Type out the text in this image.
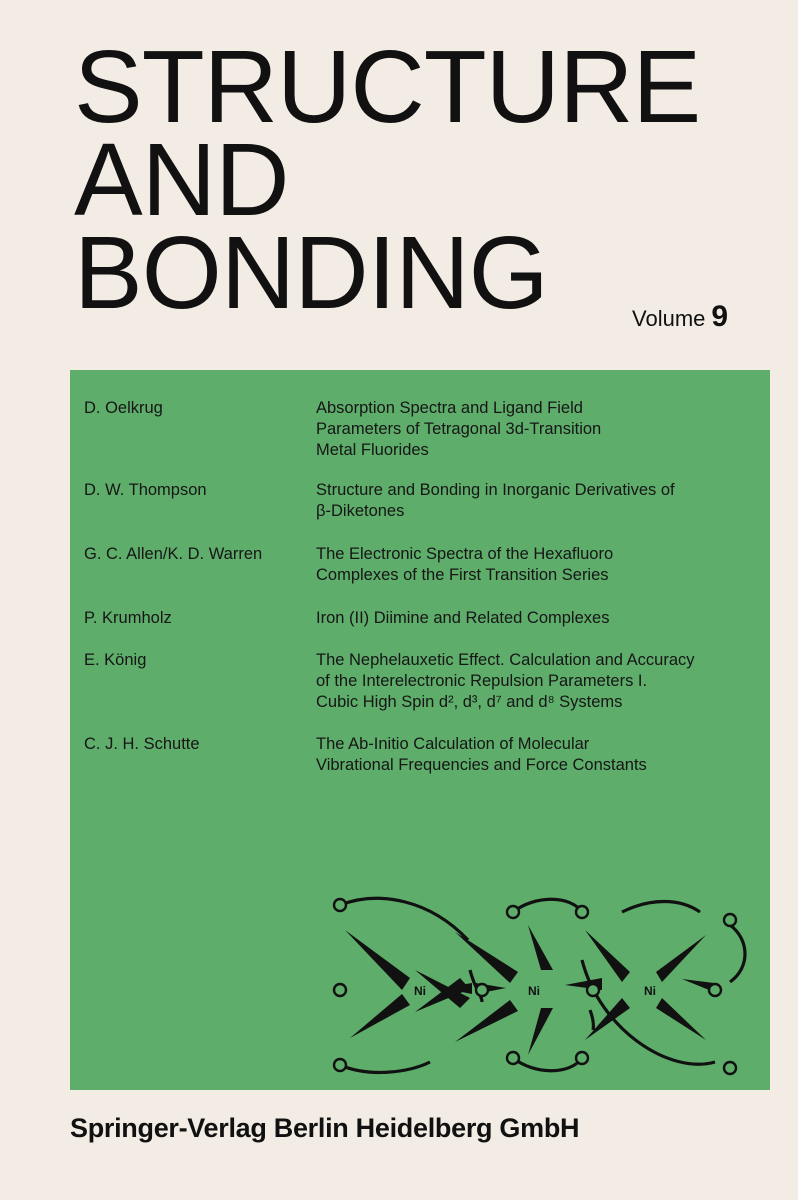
STRUCTURE
AND
BONDING	Volume 9
D. Oelkrug	Absorption Spectra and Ligand Field
Parameters of Tetragonal 3d-Transition
Metal Fluorides
D. W. Thompson	Structure and Bonding in Inorganic Derivatives of
β-Diketones
G. C. Allen/K. D. Warren	The Electronic Spectra of the Hexafluoro
Complexes of the First Transition Series
P. Krumholz	Iron (II) Diimine and Related Complexes
E. König	The Nephelauxetic Effect. Calculation and Accuracy
of the Interelectronic Repulsion Parameters I.
Cubic High Spin d², d³, d⁷ and d⁸ Systems
C. J. H. Schutte	The Ab-Initio Calculation of Molecular
Vibrational Frequencies and Force Constants
Ni	Ni	Ni
Springer-Verlag Berlin Heidelberg GmbH
